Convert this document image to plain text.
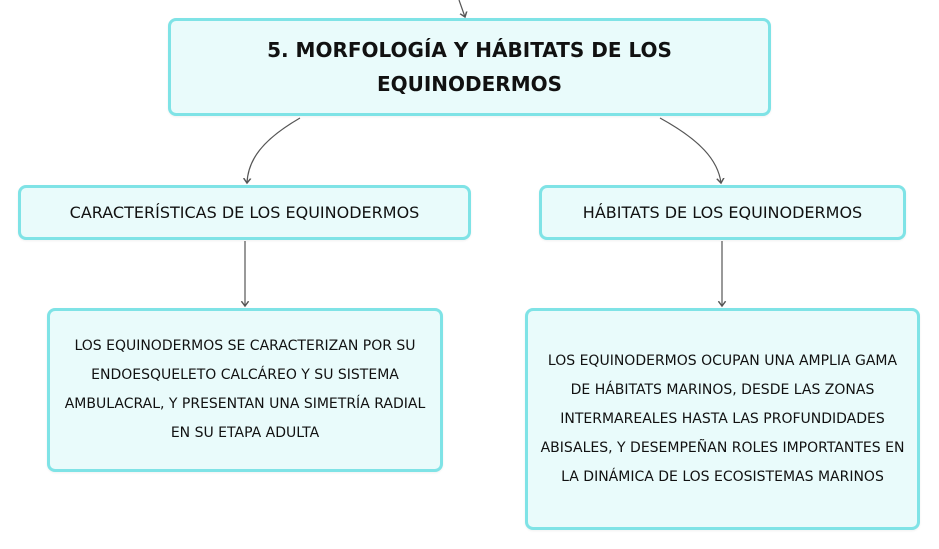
5. MORFOLOGÍA Y HÁBITATS DE LOS
EQUINODERMOS
CARACTERÍSTICAS DE LOS EQUINODERMOS	HÁBITATS DE LOS EQUINODERMOS
LOS EQUINODERMOS SE CARACTERIZAN POR SU ENDOESQUELETO CALCÁREO Y SU SISTEMA AMBULACRAL, Y PRESENTAN UNA SIMETRÍA RADIAL EN SU ETAPA ADULTA
LOS EQUINODERMOS OCUPAN UNA AMPLIA GAMA DE HÁBITATS MARINOS, DESDE LAS ZONAS INTERMAREALES HASTA LAS PROFUNDIDADES ABISALES, Y DESEMPEÑAN ROLES IMPORTANTES EN LA DINÁMICA DE LOS ECOSISTEMAS MARINOS
